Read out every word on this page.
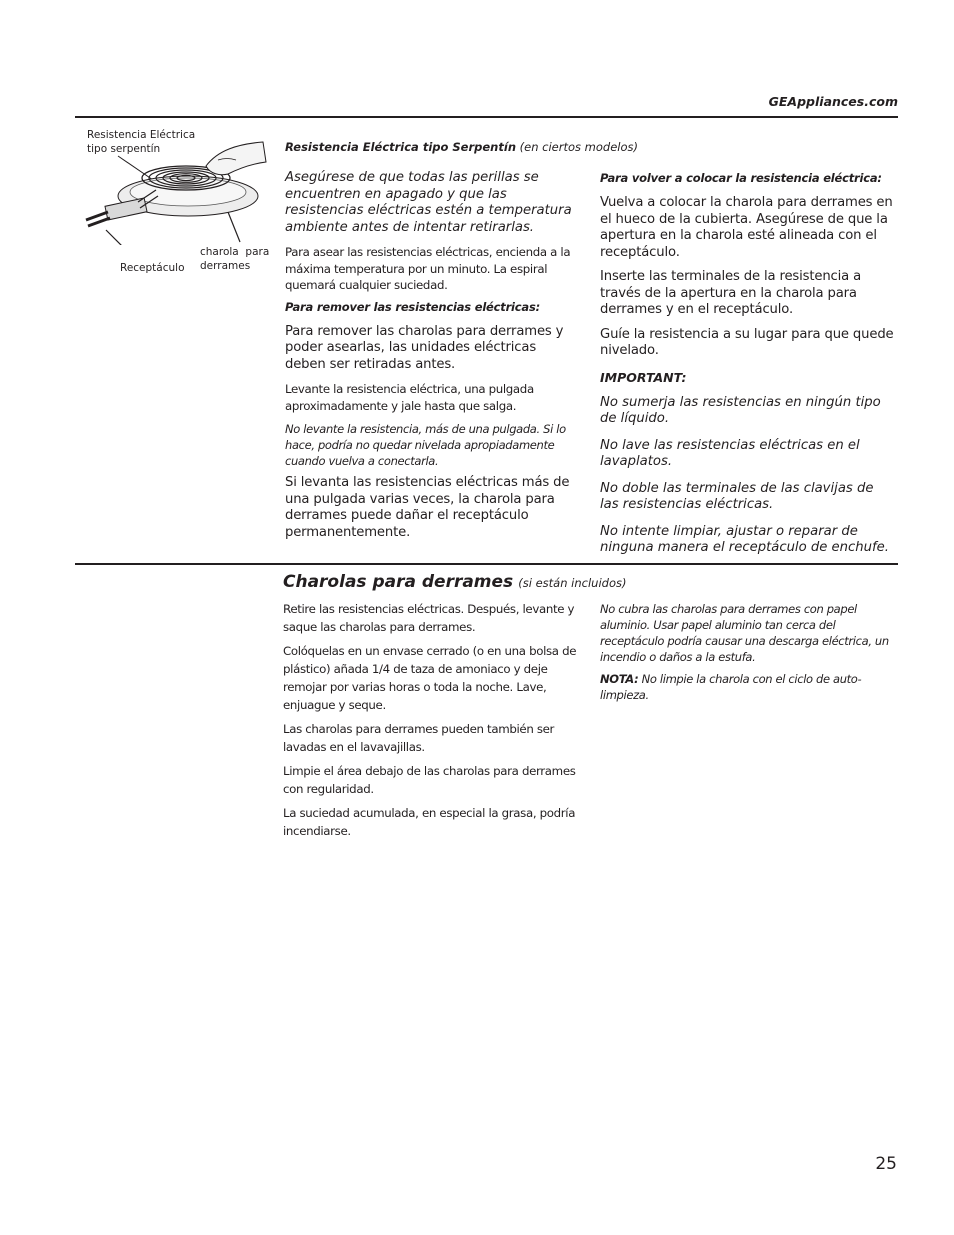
GEAppliances.com
Resistencia Eléctrica
tipo serpentín
Receptáculo
charola  para
derrames
Resistencia Eléctrica tipo Serpentín (en ciertos modelos)

Asegúrese de que todas las perillas se encuentren en apagado y que las resistencias eléctricas estén a temperatura ambiente antes de intentar retirarlas.

Para asear las resistencias eléctricas, encienda a la máxima temperatura por un minuto. La espiral quemará cualquier suciedad.

Para remover las resistencias eléctricas:

Para remover las charolas para derrames y poder asearlas, las unidades eléctricas deben ser retiradas antes.

Levante la resistencia eléctrica, una pulgada aproximadamente y jale hasta que salga.

No levante la resistencia, más de una pulgada. Si lo hace, podría no quedar nivelada apropiadamente cuando vuelva a conectarla.

Si levanta las resistencias eléctricas más de una pulgada varias veces, la charola para derrames puede dañar el receptáculo permanentemente.

Para volver a colocar la resistencia eléctrica:

Vuelva a colocar la charola para derrames en el hueco de la cubierta. Asegúrese de que la apertura en la charola esté alineada con el receptáculo.

Inserte las terminales de la resistencia a través de la apertura en la charola para derrames y en el receptáculo.

Guíe la resistencia a su lugar para que quede nivelado.

IMPORTANT:

No sumerja las resistencias en ningún tipo de líquido.

No lave las resistencias eléctricas en el lavaplatos.

No doble las terminales de las clavijas de las resistencias eléctricas.

No intente limpiar, ajustar o reparar de ninguna manera el receptáculo de enchufe.

Charolas para derrames (si están incluidos)

Retire las resistencias eléctricas. Después, levante y saque las charolas para derrames.

Colóquelas en un envase cerrado (o en una bolsa de plástico) añada 1/4 de taza de amoniaco y deje remojar por varias horas o toda la noche. Lave, enjuague y seque.

Las charolas para derrames pueden también ser lavadas en el lavavajillas.

Limpie el área debajo de las charolas para derrames con regularidad.

La suciedad acumulada, en especial la grasa, podría incendiarse.

No cubra las charolas para derrames con papel aluminio. Usar papel aluminio tan cerca del receptáculo podría causar una descarga eléctrica, un incendio o daños a la estufa.

NOTA: No limpie la charola con el ciclo de auto-limpieza.

25
